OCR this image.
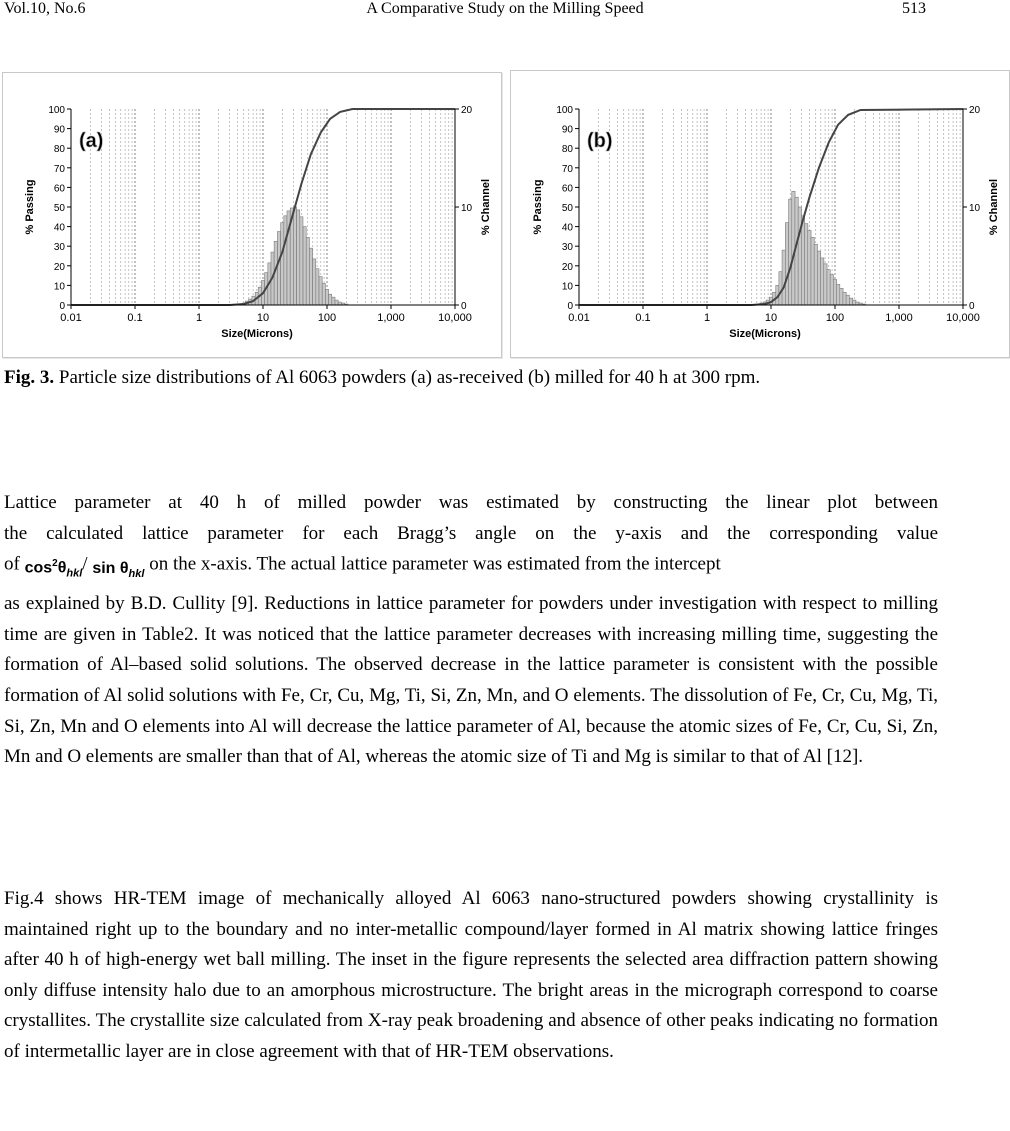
Vol.10, No.6	A Comparative Study on the Milling Speed	513
0.01	0.1	1	10	100	1,000	10,000
0
10
20
30
40
50
60
70
80
90
100
0
10
20
Size(Microns)
% Passing	% Channel
(a)
0.01	0.1	1	10	100	1,000	10,000
0
10
20
30
40
50
60
70
80
90
100
0
10
20
Size(Microns)
% Passing	% Channel
(b)
Fig. 3. Particle size distributions of Al 6063 powders (a) as-received (b) milled for 40 h at 300 rpm.
Lattice parameter at 40 h of milled powder was estimated by constructing the linear plot between
the calculated lattice parameter for each Bragg’s angle on the y-axis and the corresponding value
of $\cos^2\theta_{hkl}/$ $\sin \theta_{hkl}$ on the x-axis. The actual lattice parameter was estimated from the intercept
as explained by B.D. Cullity [9]. Reductions in lattice parameter for powders under investigation with respect to milling time are given in Table2. It was noticed that the lattice parameter decreases with increasing milling time, suggesting the formation of Al–based solid solutions. The observed decrease in the lattice parameter is consistent with the possible formation of Al solid solutions with Fe, Cr, Cu, Mg, Ti, Si, Zn, Mn, and O elements. The dissolution of Fe, Cr, Cu, Mg, Ti, Si, Zn, Mn and O elements into Al will decrease the lattice parameter of Al, because the atomic sizes of Fe, Cr, Cu, Si, Zn, Mn and O elements are smaller than that of Al, whereas the atomic size of Ti and Mg is similar to that of Al [12].
Fig.4 shows HR-TEM image of mechanically alloyed Al 6063 nano-structured powders showing crystallinity is maintained right up to the boundary and no inter-metallic compound/layer formed in Al matrix showing lattice fringes after 40 h of high-energy wet ball milling. The inset in the figure represents the selected area diffraction pattern showing only diffuse intensity halo due to an amorphous microstructure. The bright areas in the micrograph correspond to coarse crystallites. The crystallite size calculated from X-ray peak broadening and absence of other peaks indicating no formation of intermetallic layer are in close agreement with that of HR-TEM observations.
